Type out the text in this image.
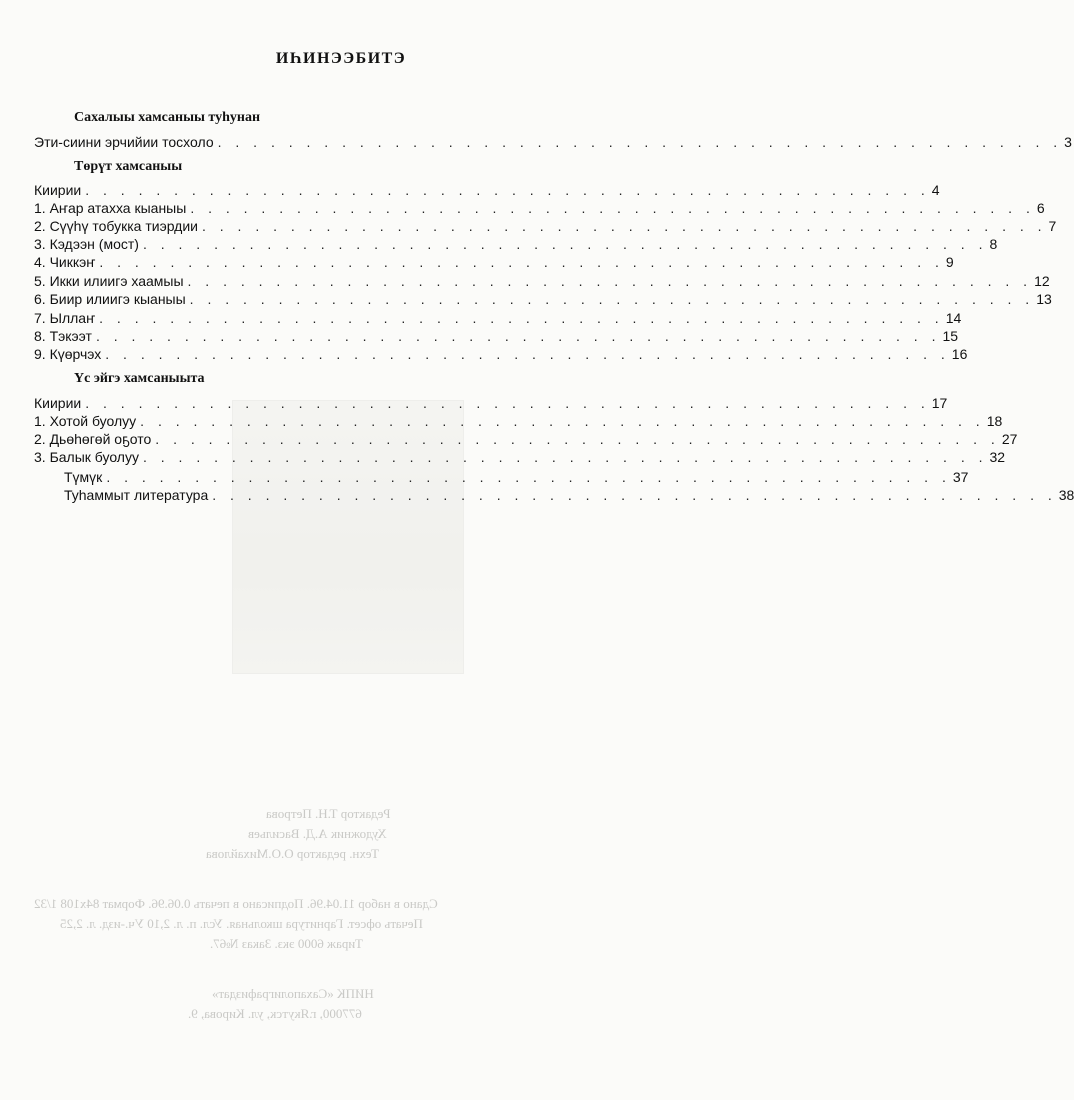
ИҺИНЭЭБИТЭ
Сахалыы хамсаныы туһунан
Эти-сиини эрчийии тосхоло . . . . . . . . . . . . . . . . . . . . . . . . . . . . . . . . . . . . . . . . . . . . . . . . 3
Төрүт хамсаныы
Киирии . . . . . . . . . . . . . . . . . . . . . . . . . . . . . . . . . . . . . . . . . . . . . . . . 4
1. Аҥар атахха кыаныы . . . . . . . . . . . . . . . . . . . . . . . . . . . . . . . . . . . . . . . . . . . . . . . . 6
2. Сүүһү тобукка тиэрдии . . . . . . . . . . . . . . . . . . . . . . . . . . . . . . . . . . . . . . . . . . . . . . . . 7
3. Кэдээн (мост) . . . . . . . . . . . . . . . . . . . . . . . . . . . . . . . . . . . . . . . . . . . . . . . . 8
4. Чиккэҥ . . . . . . . . . . . . . . . . . . . . . . . . . . . . . . . . . . . . . . . . . . . . . . . . 9
5. Икки илиигэ хаамыы . . . . . . . . . . . . . . . . . . . . . . . . . . . . . . . . . . . . . . . . . . . . . . . . 12
6. Биир илиигэ кыаныы . . . . . . . . . . . . . . . . . . . . . . . . . . . . . . . . . . . . . . . . . . . . . . . . 13
7. Ыллаҥ . . . . . . . . . . . . . . . . . . . . . . . . . . . . . . . . . . . . . . . . . . . . . . . . 14
8. Тэкээт . . . . . . . . . . . . . . . . . . . . . . . . . . . . . . . . . . . . . . . . . . . . . . . . 15
9. Күөрчэх . . . . . . . . . . . . . . . . . . . . . . . . . . . . . . . . . . . . . . . . . . . . . . . . 16
Үс эйгэ хамсаныыта
Киирии . . . . . . . . . . . . . . . . . . . . . . . . . . . . . . . . . . . . . . . . . . . . . . . . 17
1. Хотой буолуу . . . . . . . . . . . . . . . . . . . . . . . . . . . . . . . . . . . . . . . . . . . . . . . . 18
2. Дьөһөгөй оҕото . . . . . . . . . . . . . . . . . . . . . . . . . . . . . . . . . . . . . . . . . . . . . . . . 27
3. Балык буолуу . . . . . . . . . . . . . . . . . . . . . . . . . . . . . . . . . . . . . . . . . . . . . . . . 32
Түмүк . . . . . . . . . . . . . . . . . . . . . . . . . . . . . . . . . . . . . . . . . . . . . . . . 37
Туһаммыт литература . . . . . . . . . . . . . . . . . . . . . . . . . . . . . . . . . . . . . . . . . . . . . . . . 38
Редактор Т.Н. Петрова
Художник А.Д. Васильев
Техн. редактор О.О.Михайлова
Сдано в набор 11.04.96. Подписано в печать 0.06.96. Формат 84х108 1/32
Печать офсет. Гарнитура школьная. Усл. п. л. 2,10 Уч.-изд. л. 2,25
Тираж 6000 экз. Заказ №67.
НИПК «Сахаполиграфиздат»
677000, г.Якутск, ул. Кирова, 9.
